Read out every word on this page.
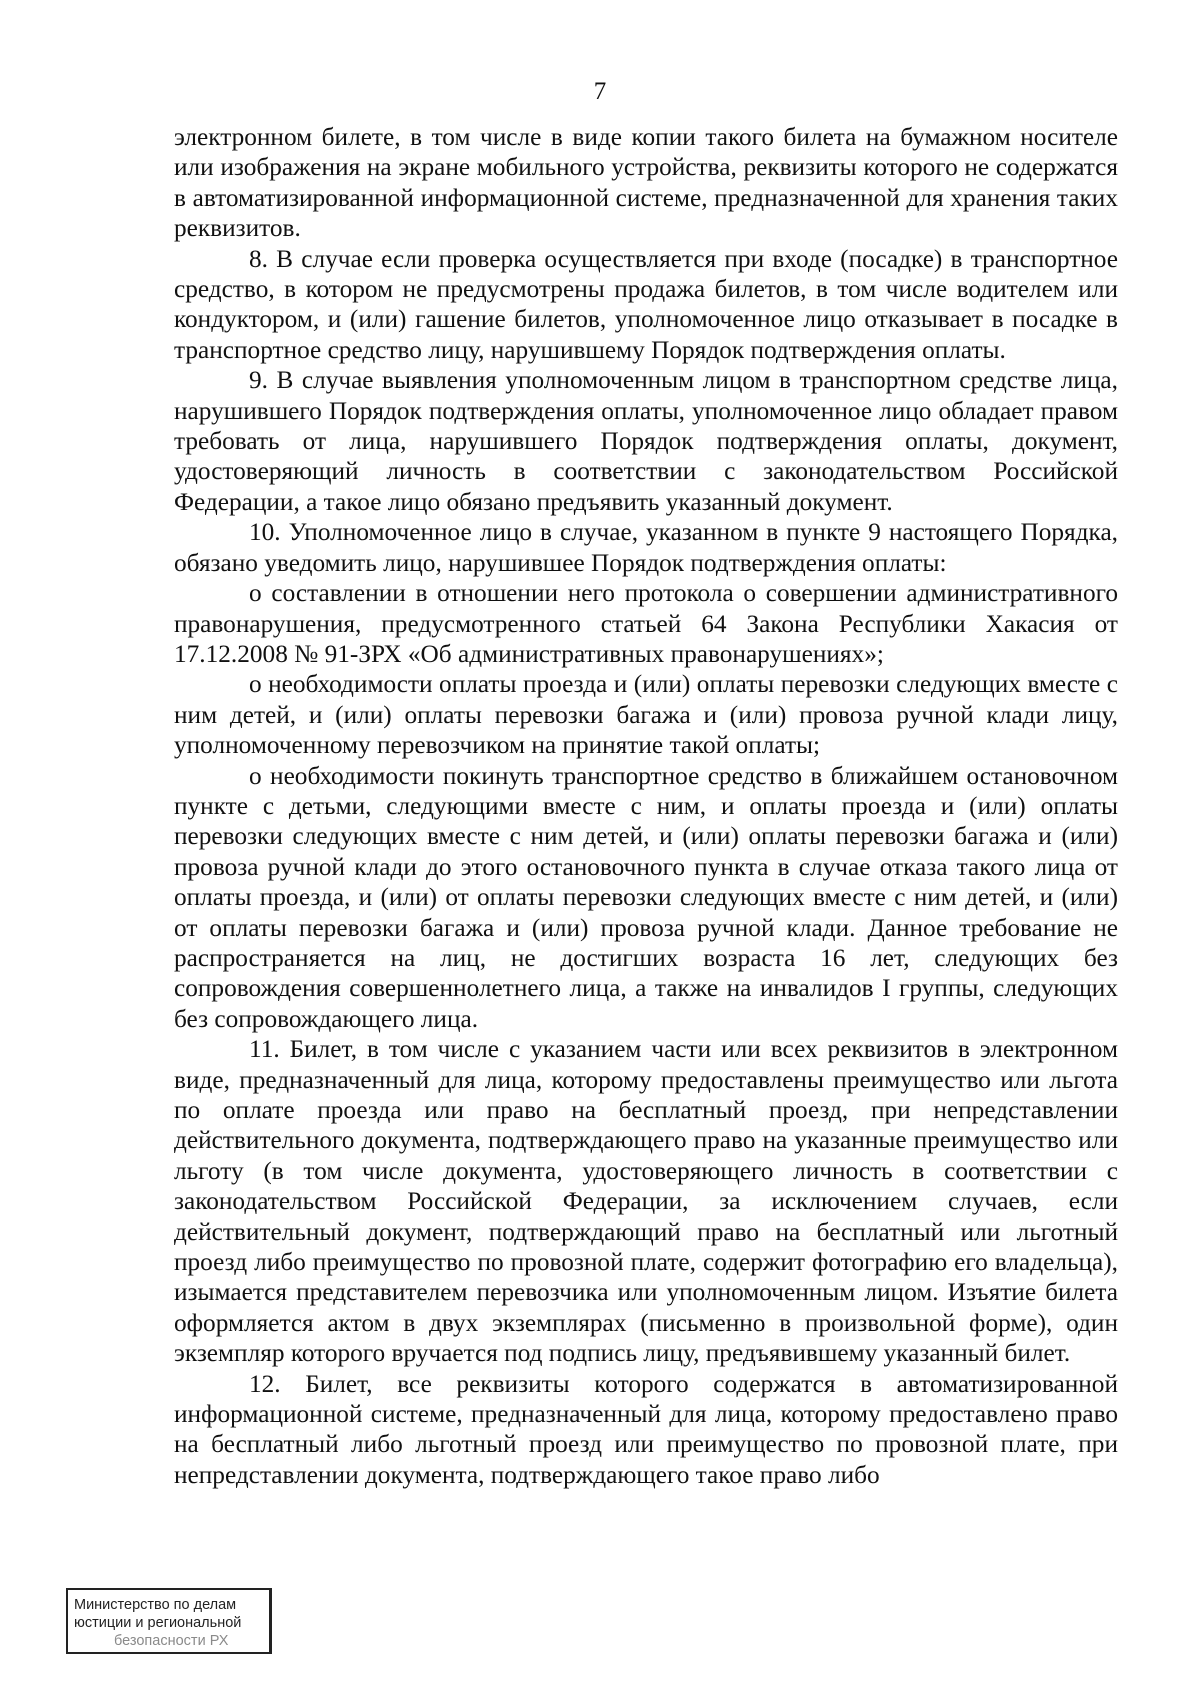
7

электронном билете, в том числе в виде копии такого билета на бумажном носителе или изображения на экране мобильного устройства, реквизиты которого не содержатся в автоматизированной информационной системе, предназначенной для хранения таких реквизитов.

8. В случае если проверка осуществляется при входе (посадке) в транспортное средство, в котором не предусмотрены продажа билетов, в том числе водителем или кондуктором, и (или) гашение билетов, уполномоченное лицо отказывает в посадке в транспортное средство лицу, нарушившему Порядок подтверждения оплаты.

9. В случае выявления уполномоченным лицом в транспортном средстве лица, нарушившего Порядок подтверждения оплаты, уполномоченное лицо обладает правом требовать от лица, нарушившего Порядок подтверждения оплаты, документ, удостоверяющий личность в соответствии с законодательством Российской Федерации, а такое лицо обязано предъявить указанный документ.

10. Уполномоченное лицо в случае, указанном в пункте 9 настоящего Порядка, обязано уведомить лицо, нарушившее Порядок подтверждения оплаты:

о составлении в отношении него протокола о совершении административного правонарушения, предусмотренного статьей 64 Закона Республики Хакасия от 17.12.2008 № 91-ЗРХ «Об административных правонарушениях»;

о необходимости оплаты проезда и (или) оплаты перевозки следующих вместе с ним детей, и (или) оплаты перевозки багажа и (или) провоза ручной клади лицу, уполномоченному перевозчиком на принятие такой оплаты;

о необходимости покинуть транспортное средство в ближайшем остановочном пункте с детьми, следующими вместе с ним, и оплаты проезда и (или) оплаты перевозки следующих вместе с ним детей, и (или) оплаты перевозки багажа и (или) провоза ручной клади до этого остановочного пункта в случае отказа такого лица от оплаты проезда, и (или) от оплаты перевозки следующих вместе с ним детей, и (или) от оплаты перевозки багажа и (или) провоза ручной клади. Данное требование не распространяется на лиц, не достигших возраста 16 лет, следующих без сопровождения совершеннолетнего лица, а также на инвалидов I группы, следующих без сопровождающего лица.

11. Билет, в том числе с указанием части или всех реквизитов в электронном виде, предназначенный для лица, которому предоставлены преимущество или льгота по оплате проезда или право на бесплатный проезд, при непредставлении действительного документа, подтверждающего право на указанные преимущество или льготу (в том числе документа, удостоверяющего личность в соответствии с законодательством Российской Федерации, за исключением случаев, если действительный документ, подтверждающий право на бесплатный или льготный проезд либо преимущество по провозной плате, содержит фотографию его владельца), изымается представителем перевозчика или уполномоченным лицом. Изъятие билета оформляется актом в двух экземплярах (письменно в произвольной форме), один экземпляр которого вручается под подпись лицу, предъявившему указанный билет.

12. Билет, все реквизиты которого содержатся в автоматизированной информационной системе, предназначенный для лица, которому предоставлено право на бесплатный либо льготный проезд или преимущество по провозной плате, при непредставлении документа, подтверждающего такое право либо

Министерство по делам
юстиции и региональной
безопасности РХ
